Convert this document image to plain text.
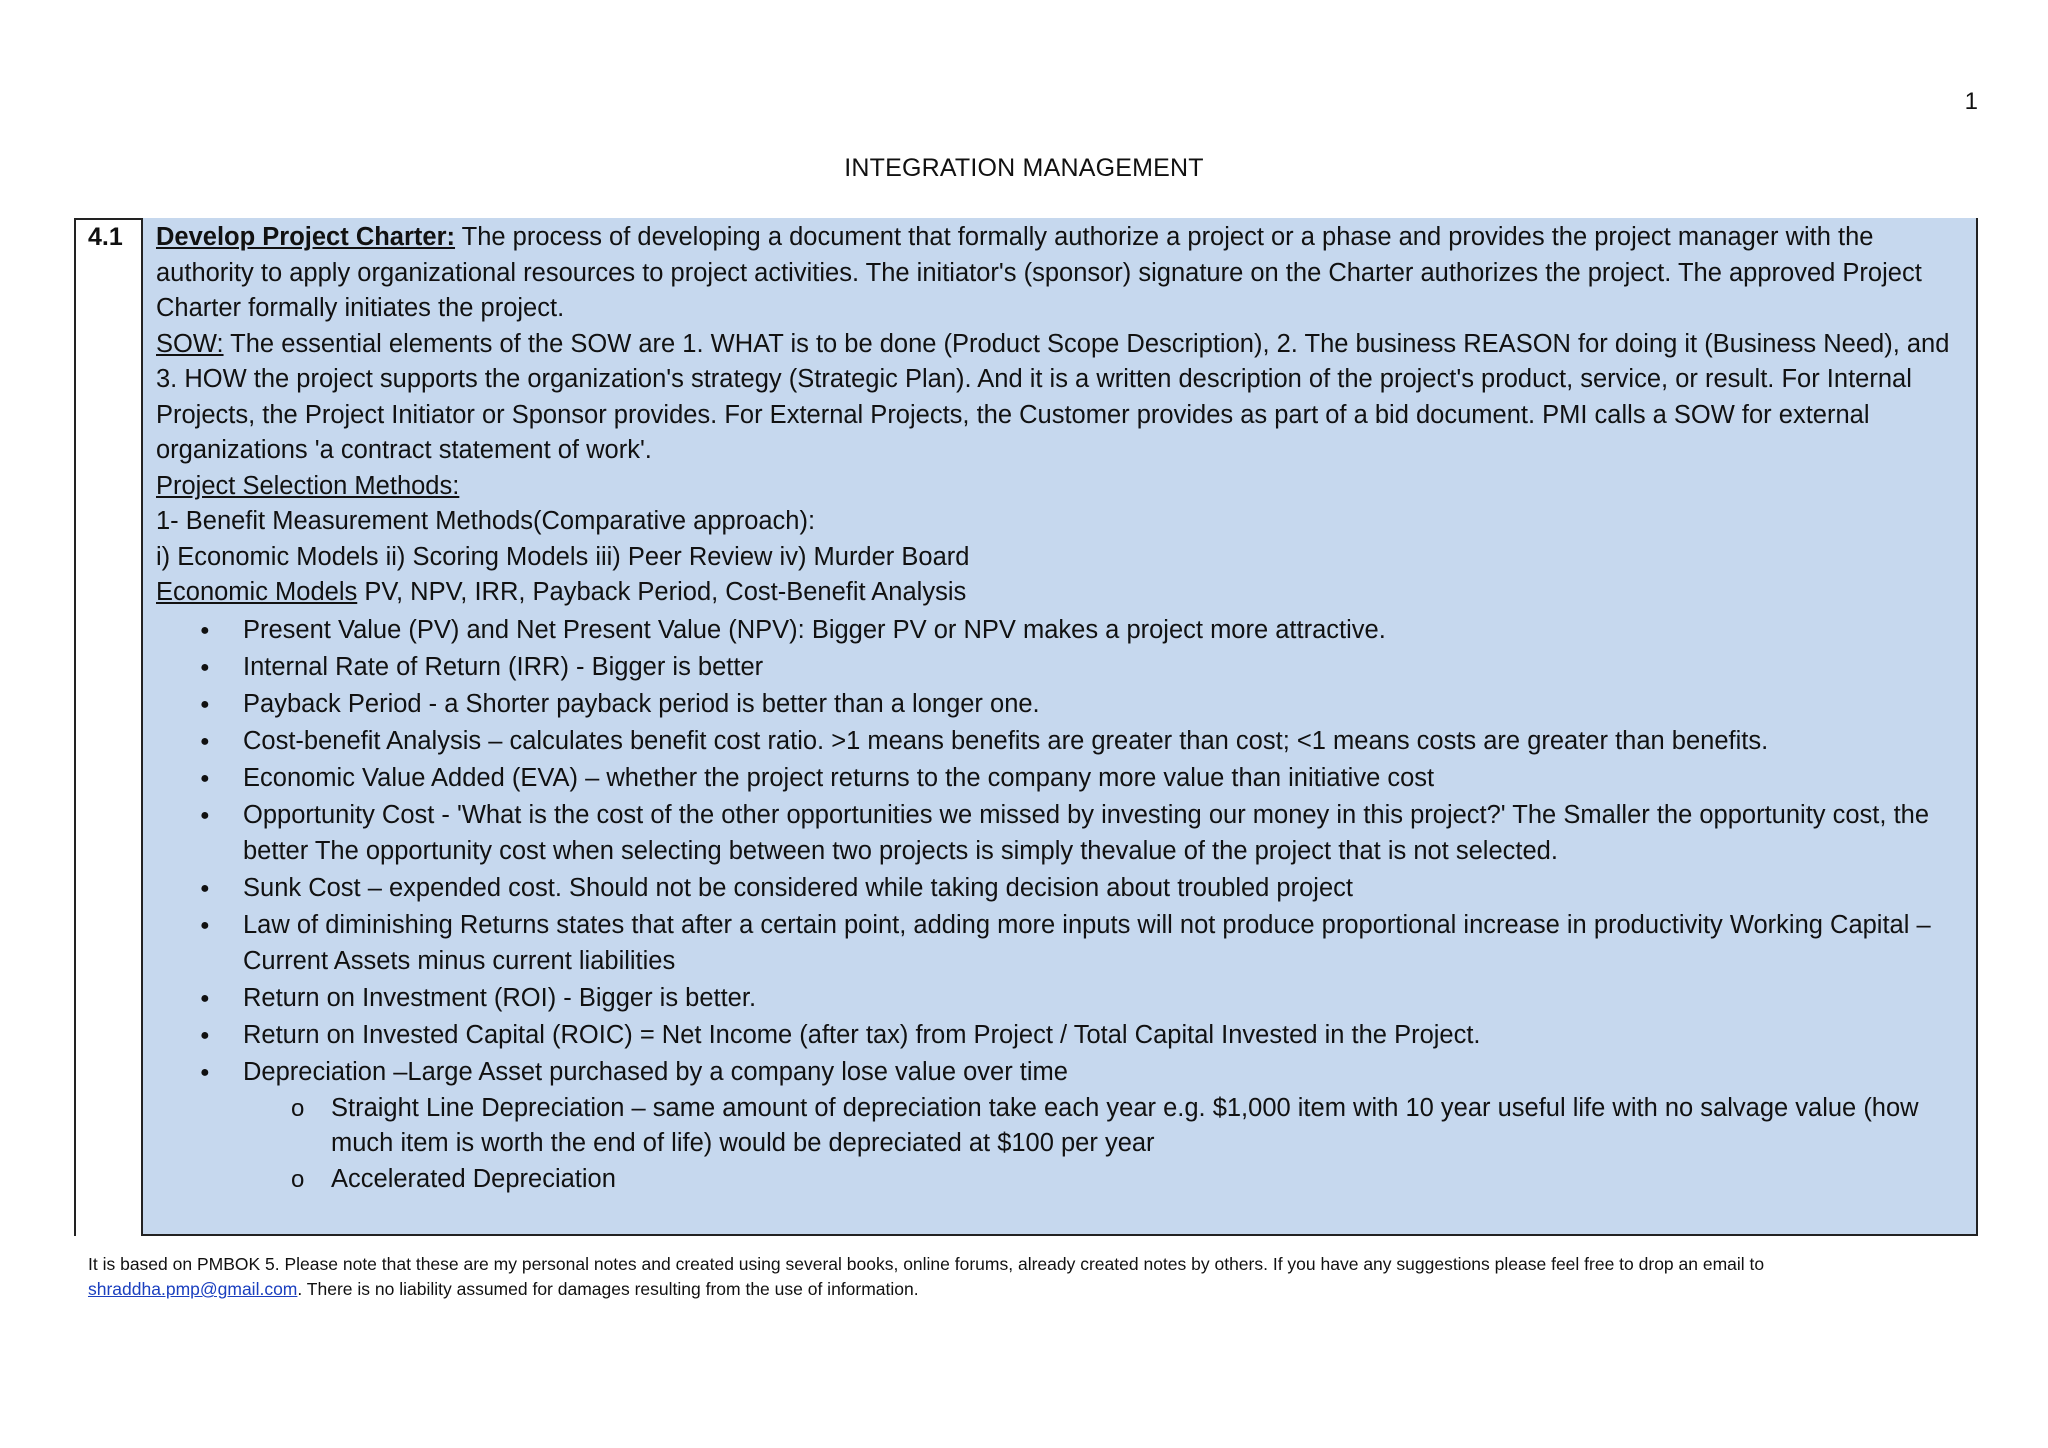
1
INTEGRATION MANAGEMENT
4.1 Develop Project Charter: The process of developing a document that formally authorize a project or a phase and provides the project manager with the authority to apply organizational resources to project activities. The initiator's (sponsor) signature on the Charter authorizes the project. The approved Project Charter formally initiates the project.

SOW: The essential elements of the SOW are 1. WHAT is to be done (Product Scope Description), 2. The business REASON for doing it (Business Need), and 3. HOW the project supports the organization's strategy (Strategic Plan). And it is a written description of the project's product, service, or result. For Internal Projects, the Project Initiator or Sponsor provides. For External Projects, the Customer provides as part of a bid document. PMI calls a SOW for external organizations 'a contract statement of work'.

Project Selection Methods:

1- Benefit Measurement Methods(Comparative approach):

i) Economic Models ii) Scoring Models iii) Peer Review iv) Murder Board

Economic Models PV, NPV, IRR, Payback Period, Cost-Benefit Analysis

● Present Value (PV) and Net Present Value (NPV): Bigger PV or NPV makes a project more attractive.
● Internal Rate of Return (IRR) - Bigger is better
● Payback Period - a Shorter payback period is better than a longer one.
● Cost-benefit Analysis – calculates benefit cost ratio. >1 means benefits are greater than cost; <1 means costs are greater than benefits.
● Economic Value Added (EVA) – whether the project returns to the company more value than initiative cost
● Opportunity Cost - 'What is the cost of the other opportunities we missed by investing our money in this project?' The Smaller the opportunity cost, the better The opportunity cost when selecting between two projects is simply thevalue of the project that is not selected.
● Sunk Cost – expended cost. Should not be considered while taking decision about troubled project
● Law of diminishing Returns states that after a certain point, adding more inputs will not produce proportional increase in productivity Working Capital – Current Assets minus current liabilities
● Return on Investment (ROI) - Bigger is better.
● Return on Invested Capital (ROIC) = Net Income (after tax) from Project / Total Capital Invested in the Project.
● Depreciation –Large Asset purchased by a company lose value over time
o Straight Line Depreciation – same amount of depreciation take each year e.g. $1,000 item with 10 year useful life with no salvage value (how much item is worth the end of life) would be depreciated at $100 per year
o Accelerated Depreciation
It is based on PMBOK 5. Please note that these are my personal notes and created using several books, online forums, already created notes by others. If you have any suggestions please feel free to drop an email to shraddha.pmp@gmail.com. There is no liability assumed for damages resulting from the use of information.
